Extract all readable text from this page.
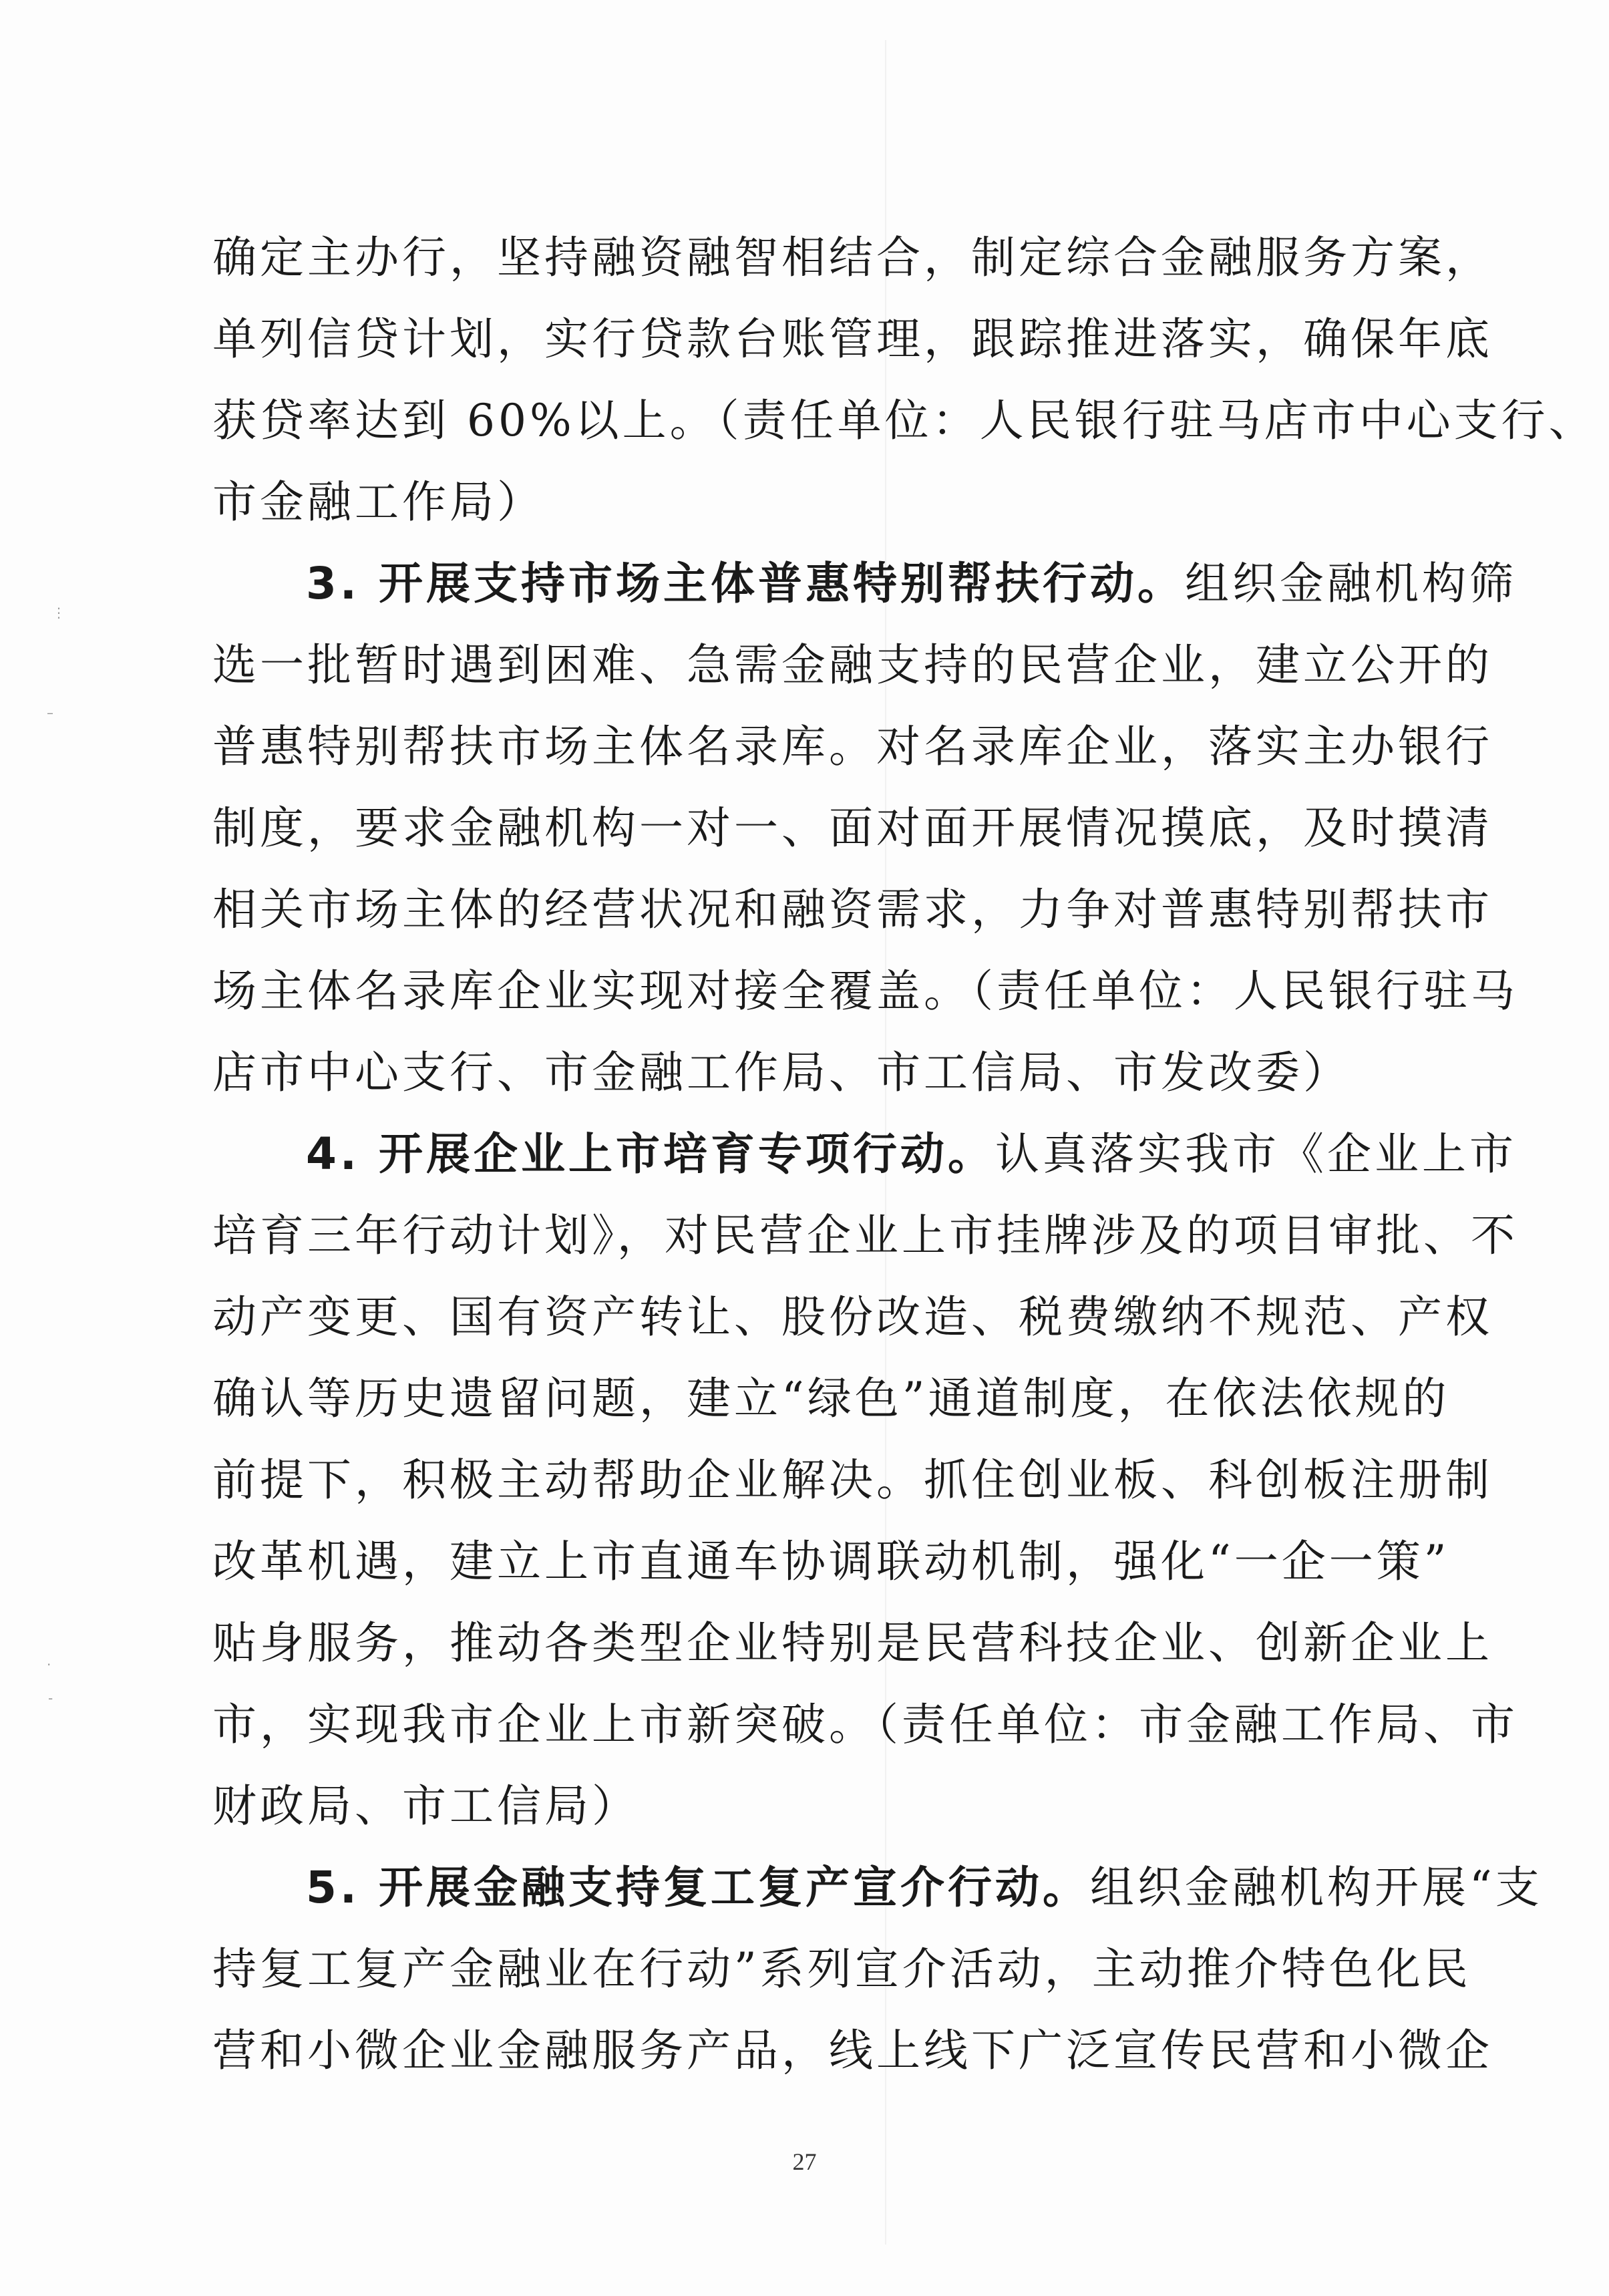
⋮
–
·
-
确定主办行，坚持融资融智相结合，制定综合金融服务方案，
单列信贷计划，实行贷款台账管理，跟踪推进落实，确保年底
获贷率达到 60%以上。（责任单位：人民银行驻马店市中心支行、
市金融工作局）
3. 开展支持市场主体普惠特别帮扶行动。组织金融机构筛
选一批暂时遇到困难、急需金融支持的民营企业，建立公开的
普惠特别帮扶市场主体名录库。对名录库企业，落实主办银行
制度，要求金融机构一对一、面对面开展情况摸底，及时摸清
相关市场主体的经营状况和融资需求，力争对普惠特别帮扶市
场主体名录库企业实现对接全覆盖。（责任单位：人民银行驻马
店市中心支行、市金融工作局、市工信局、市发改委）
4. 开展企业上市培育专项行动。认真落实我市《企业上市
培育三年行动计划》，对民营企业上市挂牌涉及的项目审批、不
动产变更、国有资产转让、股份改造、税费缴纳不规范、产权
确认等历史遗留问题，建立“绿色”通道制度，在依法依规的
前提下，积极主动帮助企业解决。抓住创业板、科创板注册制
改革机遇，建立上市直通车协调联动机制，强化“一企一策”
贴身服务，推动各类型企业特别是民营科技企业、创新企业上
市，实现我市企业上市新突破。（责任单位：市金融工作局、市
财政局、市工信局）
5. 开展金融支持复工复产宣介行动。组织金融机构开展“支
持复工复产金融业在行动”系列宣介活动，主动推介特色化民
营和小微企业金融服务产品，线上线下广泛宣传民营和小微企
27
